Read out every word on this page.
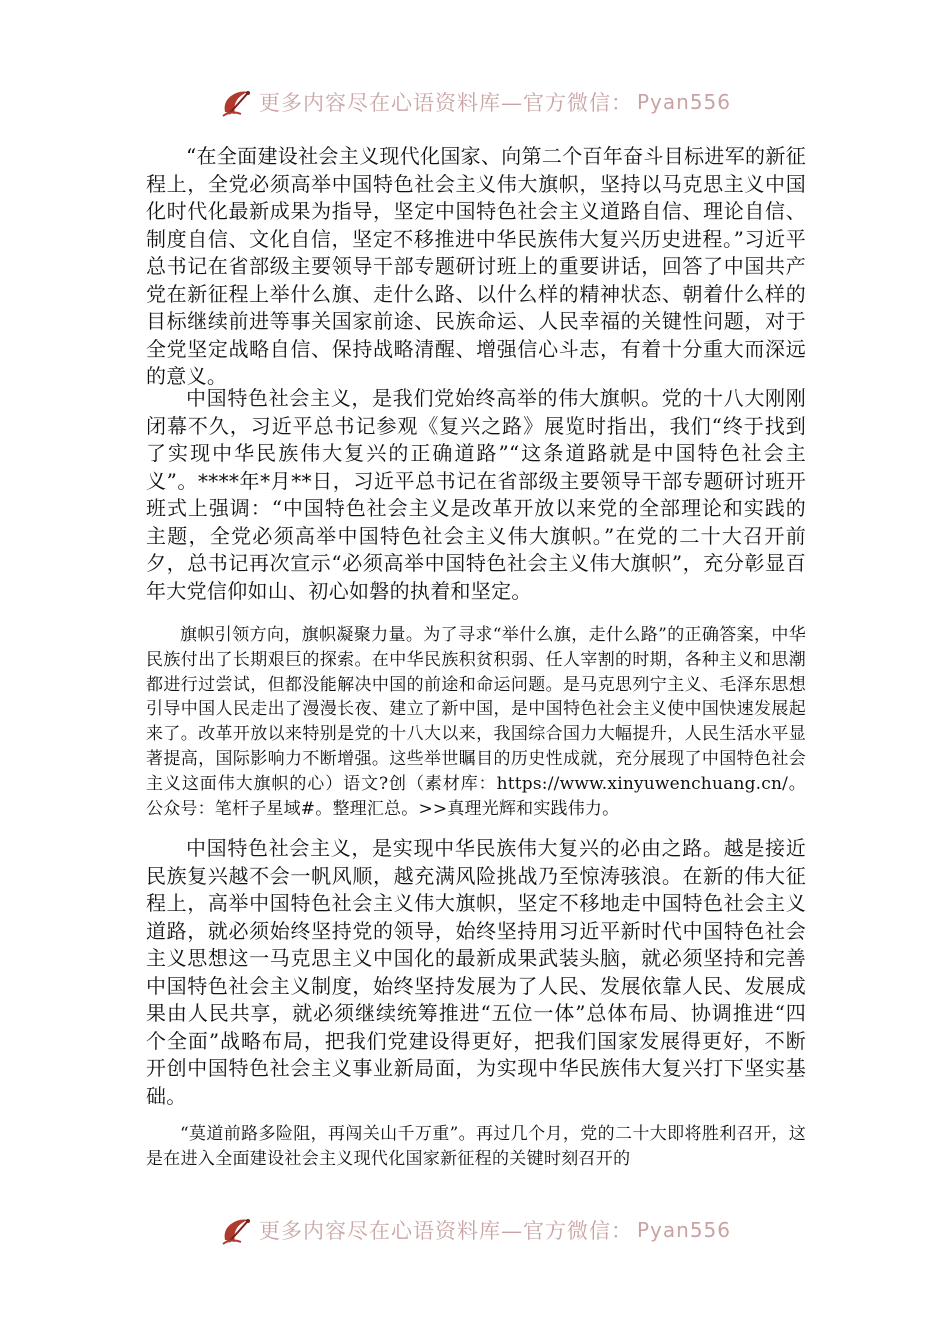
更多内容尽在心语资料库—官方微信： Pyan556

“在全面建设社会主义现代化国家、向第二个百年奋斗目标进军的新征程上，全党必须高举中国特色社会主义伟大旗帜，坚持以马克思主义中国化时代化最新成果为指导，坚定中国特色社会主义道路自信、理论自信、制度自信、文化自信，坚定不移推进中华民族伟大复兴历史进程。”习近平总书记在省部级主要领导干部专题研讨班上的重要讲话，回答了中国共产党在新征程上举什么旗、走什么路、以什么样的精神状态、朝着什么样的目标继续前进等事关国家前途、民族命运、人民幸福的关键性问题，对于全党坚定战略自信、保持战略清醒、增强信心斗志，有着十分重大而深远的意义。

中国特色社会主义，是我们党始终高举的伟大旗帜。党的十八大刚刚闭幕不久，习近平总书记参观《复兴之路》展览时指出，我们“终于找到了实现中华民族伟大复兴的正确道路”“这条道路就是中国特色社会主义”。****年*月**日，习近平总书记在省部级主要领导干部专题研讨班开班式上强调：“中国特色社会主义是改革开放以来党的全部理论和实践的主题，全党必须高举中国特色社会主义伟大旗帜。”在党的二十大召开前夕，总书记再次宣示“必须高举中国特色社会主义伟大旗帜”，充分彰显百年大党信仰如山、初心如磐的执着和坚定。

旗帜引领方向，旗帜凝聚力量。为了寻求“举什么旗，走什么路”的正确答案，中华民族付出了长期艰巨的探索。在中华民族积贫积弱、任人宰割的时期，各种主义和思潮都进行过尝试，但都没能解决中国的前途和命运问题。是马克思列宁主义、毛泽东思想引导中国人民走出了漫漫长夜、建立了新中国，是中国特色社会主义使中国快速发展起来了。改革开放以来特别是党的十八大以来，我国综合国力大幅提升，人民生活水平显著提高，国际影响力不断增强。这些举世瞩目的历史性成就，充分展现了中国特色社会主义这面伟大旗帜的心）语文?创（素材库：https://www.xinyuwenchuang.cn/。公众号：笔杆子星域#。整理汇总。>>真理光辉和实践伟力。

中国特色社会主义，是实现中华民族伟大复兴的必由之路。越是接近民族复兴越不会一帆风顺，越充满风险挑战乃至惊涛骇浪。在新的伟大征程上，高举中国特色社会主义伟大旗帜，坚定不移地走中国特色社会主义道路，就必须始终坚持党的领导，始终坚持用习近平新时代中国特色社会主义思想这一马克思主义中国化的最新成果武装头脑，就必须坚持和完善中国特色社会主义制度，始终坚持发展为了人民、发展依靠人民、发展成果由人民共享，就必须继续统筹推进“五位一体”总体布局、协调推进“四个全面”战略布局，把我们党建设得更好，把我们国家发展得更好，不断开创中国特色社会主义事业新局面，为实现中华民族伟大复兴打下坚实基础。

“莫道前路多险阻，再闯关山千万重”。再过几个月，党的二十大即将胜利召开，这是在进入全面建设社会主义现代化国家新征程的关键时刻召开的

更多内容尽在心语资料库—官方微信： Pyan556
